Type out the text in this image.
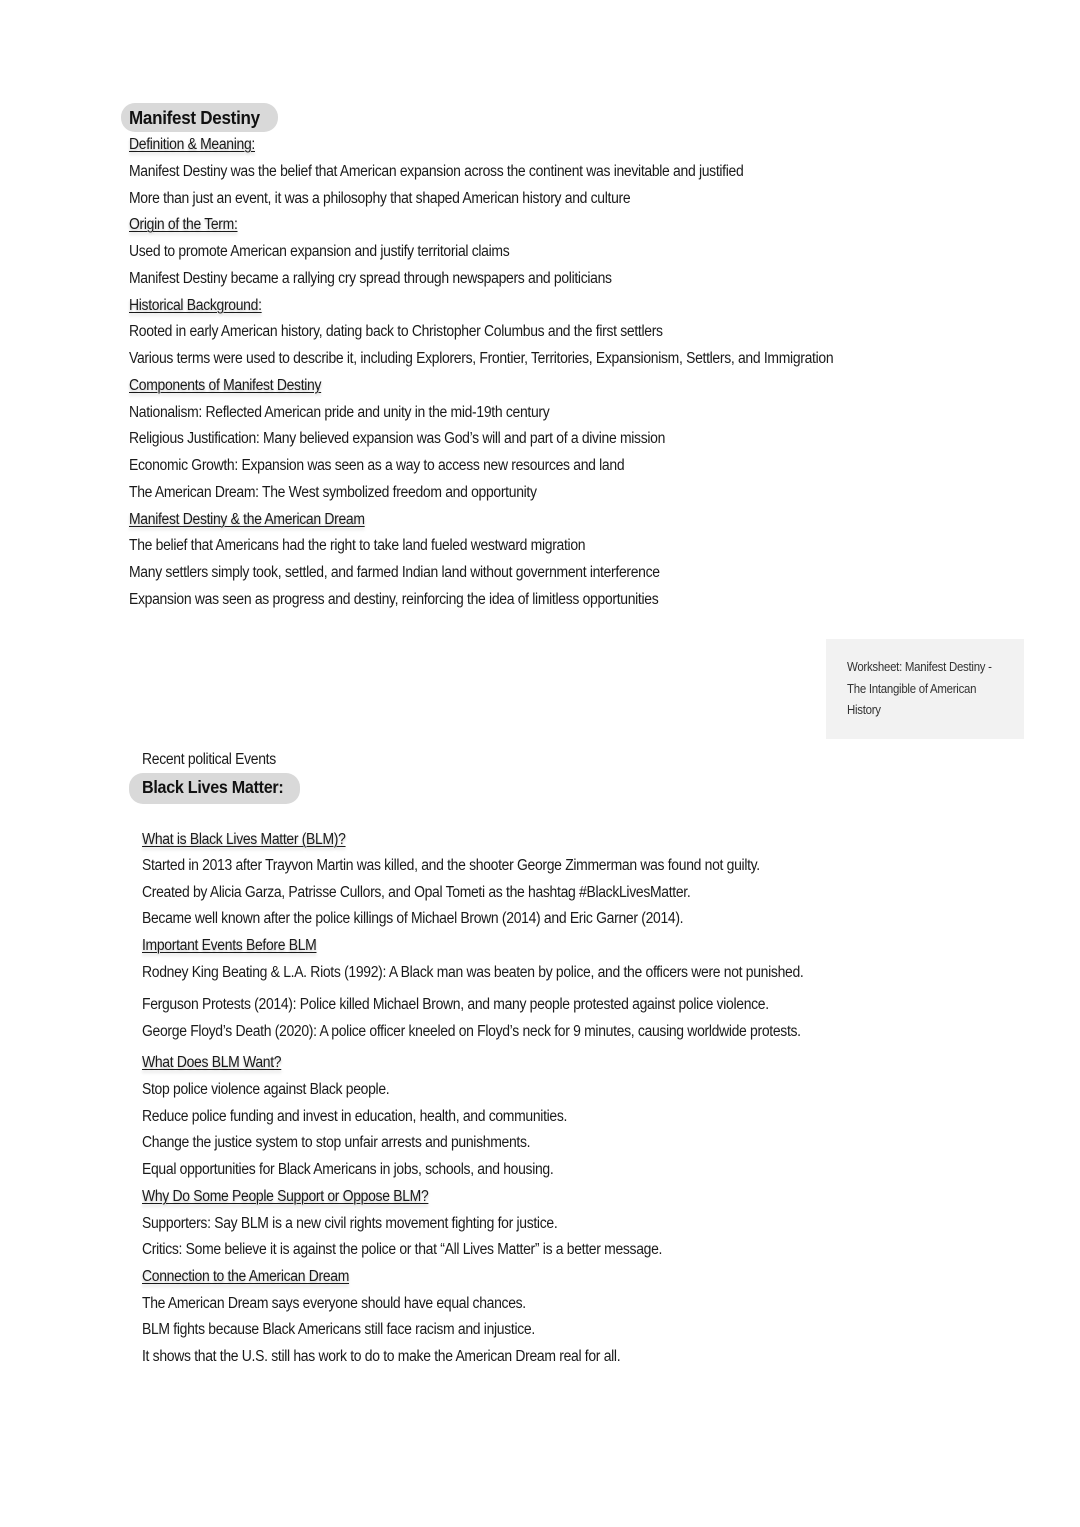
Manifest Destiny
Definition & Meaning:
Manifest Destiny was the belief that American expansion across the continent was inevitable and justified
More than just an event, it was a philosophy that shaped American history and culture
Origin of the Term:
Used to promote American expansion and justify territorial claims
Manifest Destiny became a rallying cry spread through newspapers and politicians
Historical Background:
Rooted in early American history, dating back to Christopher Columbus and the first settlers
Various terms were used to describe it, including Explorers, Frontier, Territories, Expansionism, Settlers, and Immigration
Components of Manifest Destiny
Nationalism: Reflected American pride and unity in the mid-19th century
Religious Justification: Many believed expansion was God’s will and part of a divine mission
Economic Growth: Expansion was seen as a way to access new resources and land
The American Dream: The West symbolized freedom and opportunity
Manifest Destiny & the American Dream
The belief that Americans had the right to take land fueled westward migration
Many settlers simply took, settled, and farmed Indian land without government interference
Expansion was seen as progress and destiny, reinforcing the idea of limitless opportunities
Worksheet: Manifest Destiny -
The Intangible of American
History
Recent political Events
Black Lives Matter:
What is Black Lives Matter (BLM)?
Started in 2013 after Trayvon Martin was killed, and the shooter George Zimmerman was found not guilty.
Created by Alicia Garza, Patrisse Cullors, and Opal Tometi as the hashtag #BlackLivesMatter.
Became well known after the police killings of Michael Brown (2014) and Eric Garner (2014).
Important Events Before BLM
Rodney King Beating & L.A. Riots (1992): A Black man was beaten by police, and the officers were not punished.
Ferguson Protests (2014): Police killed Michael Brown, and many people protested against police violence.
George Floyd’s Death (2020): A police officer kneeled on Floyd’s neck for 9 minutes, causing worldwide protests.
What Does BLM Want?
Stop police violence against Black people.
Reduce police funding and invest in education, health, and communities.
Change the justice system to stop unfair arrests and punishments.
Equal opportunities for Black Americans in jobs, schools, and housing.
Why Do Some People Support or Oppose BLM?
Supporters: Say BLM is a new civil rights movement fighting for justice.
Critics: Some believe it is against the police or that “All Lives Matter” is a better message.
Connection to the American Dream
The American Dream says everyone should have equal chances.
BLM fights because Black Americans still face racism and injustice.
It shows that the U.S. still has work to do to make the American Dream real for all.
